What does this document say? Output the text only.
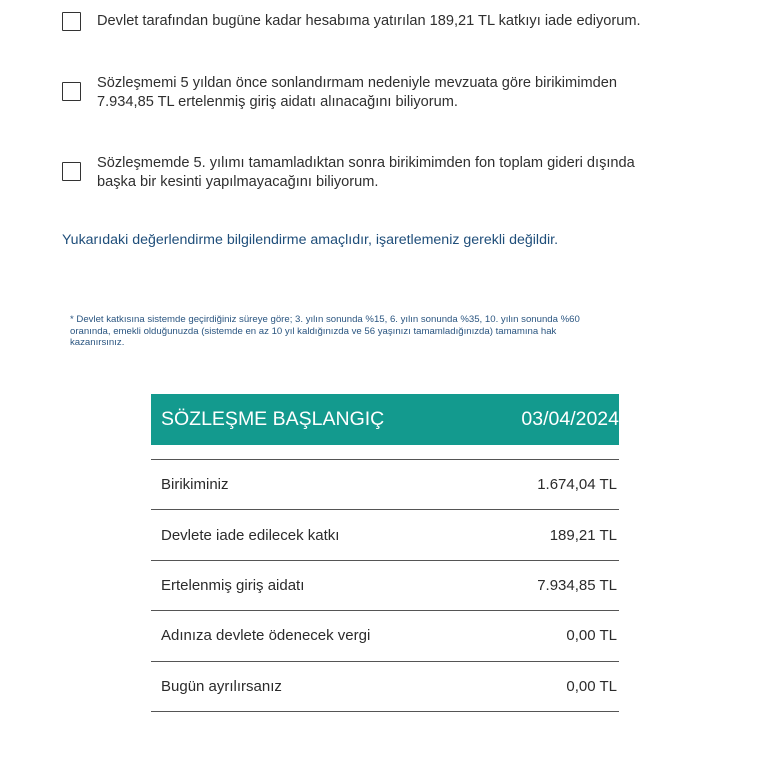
Devlet tarafından bugüne kadar hesabıma yatırılan 189,21 TL katkıyı iade ediyorum.
Sözleşmemi 5 yıldan önce sonlandırmam nedeniyle mevzuata göre birikimimden
7.934,85 TL ertelenmiş giriş aidatı alınacağını biliyorum.
Sözleşmemde 5. yılımı tamamladıktan sonra birikimimden fon toplam gideri dışında
başka bir kesinti yapılmayacağını biliyorum.
Yukarıdaki değerlendirme bilgilendirme amaçlıdır, işaretlemeniz gerekli değildir.
* Devlet katkısına sistemde geçirdiğiniz süreye göre; 3. yılın sonunda %15, 6. yılın sonunda %35, 10. yılın sonunda %60
oranında, emekli olduğunuzda (sistemde en az 10 yıl kaldığınızda ve 56 yaşınızı tamamladığınızda) tamamına hak
kazanırsınız.
SÖZLEŞME BAŞLANGIÇ	03/04/2024
Birikiminiz	1.674,04 TL
Devlete iade edilecek katkı	189,21 TL
Ertelenmiş giriş aidatı	7.934,85 TL
Adınıza devlete ödenecek vergi	0,00 TL
Bugün ayrılırsanız	0,00 TL
